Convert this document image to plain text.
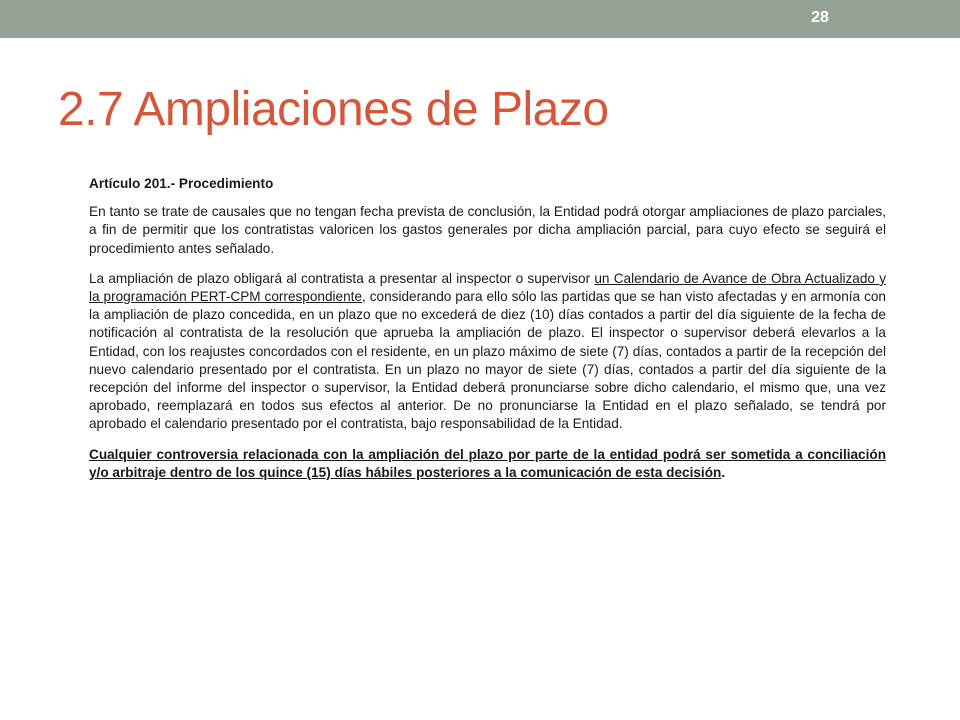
28
2.7 Ampliaciones de Plazo

Artículo 201.- Procedimiento

En tanto se trate de causales que no tengan fecha prevista de conclusión, la Entidad podrá otorgar ampliaciones de plazo parciales, a fin de permitir que los contratistas valoricen los gastos generales por dicha ampliación parcial, para cuyo efecto se seguirá el procedimiento antes señalado.

La ampliación de plazo obligará al contratista a presentar al inspector o supervisor un Calendario de Avance de Obra Actualizado y la programación PERT-CPM correspondiente, considerando para ello sólo las partidas que se han visto afectadas y en armonía con la ampliación de plazo concedida, en un plazo que no excederá de diez (10) días contados a partir del día siguiente de la fecha de notificación al contratista de la resolución que aprueba la ampliación de plazo. El inspector o supervisor deberá elevarlos a la Entidad, con los reajustes concordados con el residente, en un plazo máximo de siete (7) días, contados a partir de la recepción del nuevo calendario presentado por el contratista. En un plazo no mayor de siete (7) días, contados a partir del día siguiente de la recepción del informe del inspector o supervisor, la Entidad deberá pronunciarse sobre dicho calendario, el mismo que, una vez aprobado, reemplazará en todos sus efectos al anterior. De no pronunciarse la Entidad en el plazo señalado, se tendrá por aprobado el calendario presentado por el contratista, bajo responsabilidad de la Entidad.

Cualquier controversia relacionada con la ampliación del plazo por parte de la entidad podrá ser sometida a conciliación y/o arbitraje dentro de los quince (15) días hábiles posteriores a la comunicación de esta decisión.
